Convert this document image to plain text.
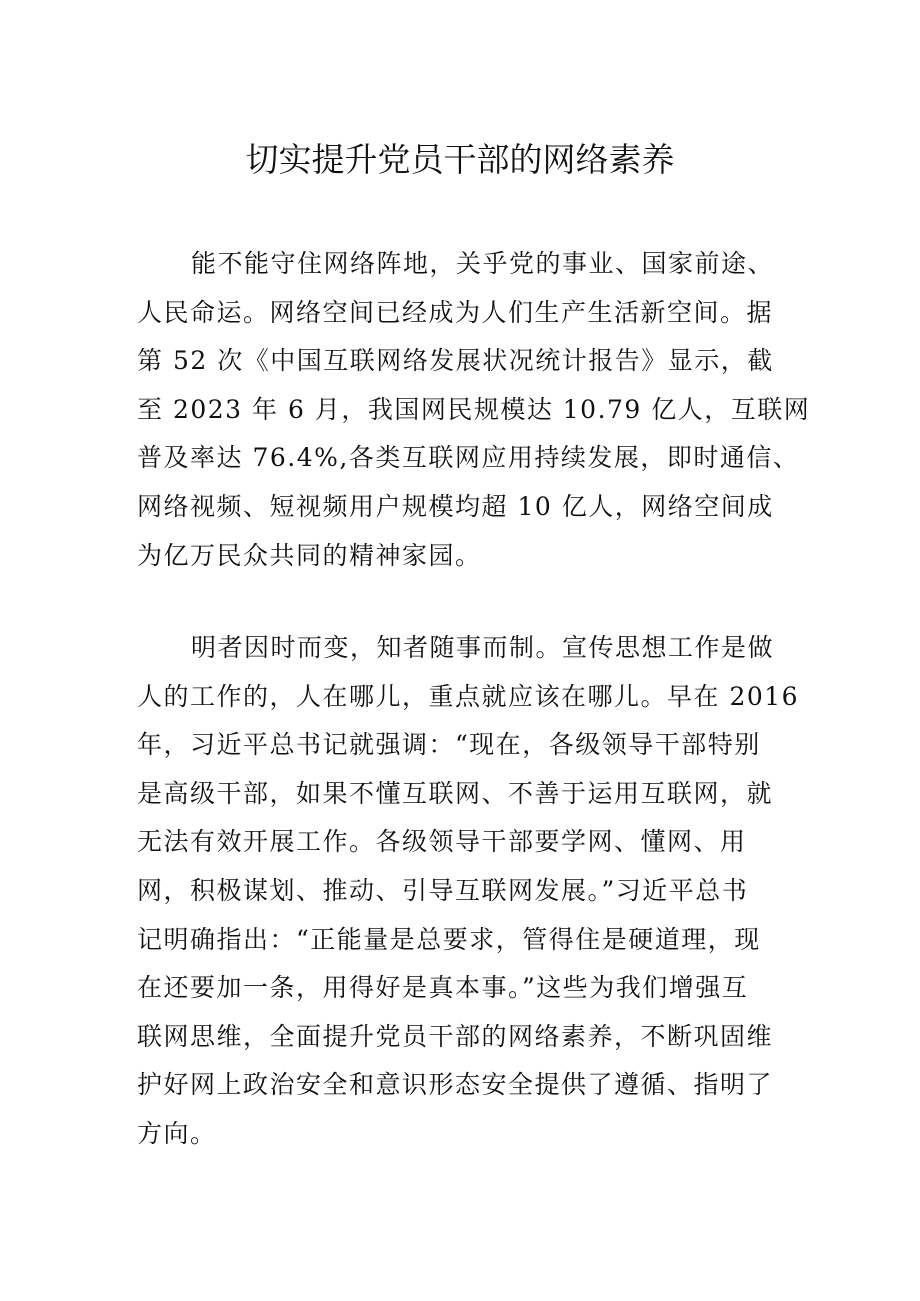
切实提升党员干部的网络素养
能不能守住网络阵地，关乎党的事业、国家前途、
人民命运。网络空间已经成为人们生产生活新空间。据
第 52 次《中国互联网络发展状况统计报告》显示，截
至 2023 年 6 月，我国网民规模达 10.79 亿人，互联网
普及率达 76.4%,各类互联网应用持续发展，即时通信、
网络视频、短视频用户规模均超 10 亿人，网络空间成
为亿万民众共同的精神家园。
明者因时而变，知者随事而制。宣传思想工作是做
人的工作的，人在哪儿，重点就应该在哪儿。早在 2016
年，习近平总书记就强调：“现在，各级领导干部特别
是高级干部，如果不懂互联网、不善于运用互联网，就
无法有效开展工作。各级领导干部要学网、懂网、用
网，积极谋划、推动、引导互联网发展。”习近平总书
记明确指出：“正能量是总要求，管得住是硬道理，现
在还要加一条，用得好是真本事。”这些为我们增强互
联网思维，全面提升党员干部的网络素养，不断巩固维
护好网上政治安全和意识形态安全提供了遵循、指明了
方向。
